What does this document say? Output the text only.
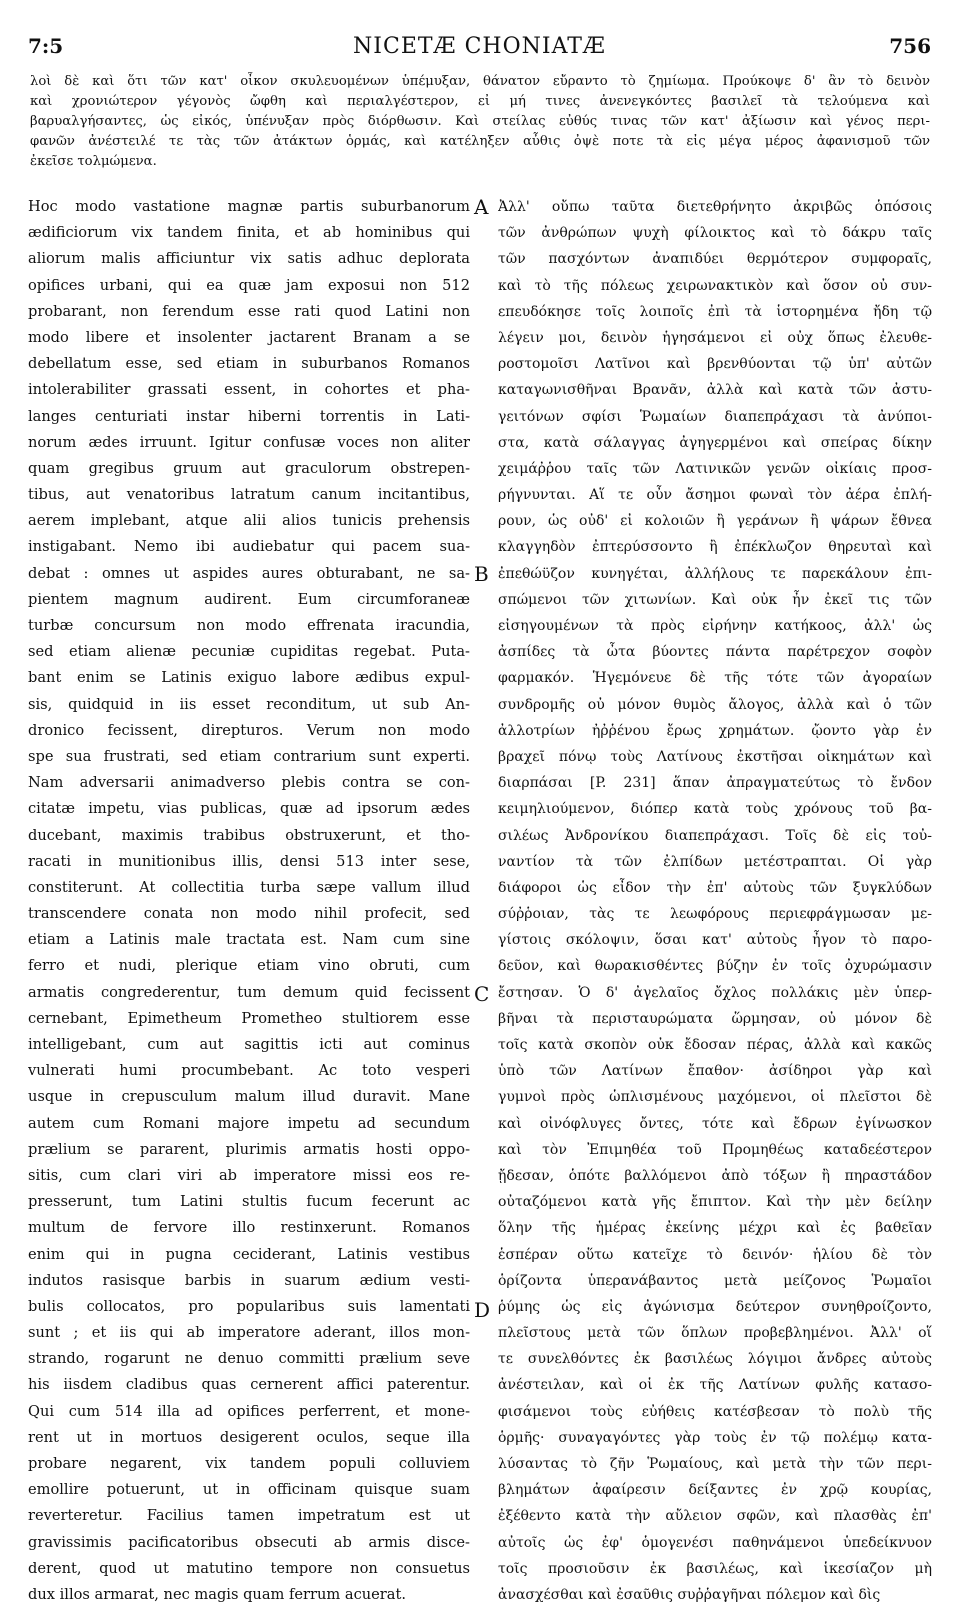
7:5	NICETÆ CHONIATÆ	756
λοὶ δὲ καὶ ὅτι τῶν κατ' οἶκον σκυλευομένων ὑπέμυξαν, θάνατον εὔραντο τὸ ζημίωμα. Προύκοψε δ' ἂν τὸ δεινὸν
καὶ χρονιώτερον γέγονὸς ὤφθη καὶ περιαλγέστερον, εἰ μή τινες ἀνενεγκόντες βασιλεῖ τὰ τελούμενα καὶ
βαρυαλγήσαντες, ὡς εἰκός, ὑπένυξαν πρὸς διόρθωσιν. Καὶ στείλας εὐθύς τινας τῶν κατ' ἀξίωσιν καὶ γένος περι-
φανῶν ἀνέστειλέ τε τὰς τῶν ἀτάκτων ὁρμάς, καὶ κατέληξεν αὖθις ὀψὲ ποτε τὰ εἰς μέγα μέρος ἀφανισμοῦ τῶν
ἐκεῖσε τολμώμενα.
Hoc modo vastatione magnæ partis suburbanorum
ædificiorum vix tandem finita, et ab hominibus qui
aliorum malis afficiuntur vix satis adhuc deplorata
opifices urbani, qui ea quæ jam exposui non 512
probarant, non ferendum esse rati quod Latini non
modo libere et insolenter jactarent Branam a se
debellatum esse, sed etiam in suburbanos Romanos
intolerabiliter grassati essent, in cohortes et pha-
langes centuriati instar hiberni torrentis in Lati-
norum ædes irruunt. Igitur confusæ voces non aliter
quam gregibus gruum aut graculorum obstrepen-
tibus, aut venatoribus latratum canum incitantibus,
aerem implebant, atque alii alios tunicis prehensis
instigabant. Nemo ibi audiebatur qui pacem sua-
debat : omnes ut aspides aures obturabant, ne sa-
pientem magnum audirent. Eum circumforaneæ
turbæ concursum non modo effrenata iracundia,
sed etiam alienæ pecuniæ cupiditas regebat. Puta-
bant enim se Latinis exiguo labore ædibus expul-
sis, quidquid in iis esset reconditum, ut sub An-
dronico fecissent, direpturos. Verum non modo
spe sua frustrati, sed etiam contrarium sunt experti.
Nam adversarii animadverso plebis contra se con-
citatæ impetu, vias publicas, quæ ad ipsorum ædes
ducebant, maximis trabibus obstruxerunt, et tho-
racati in munitionibus illis, densi 513 inter sese,
constiterunt. At collectitia turba sæpe vallum illud
transcendere conata non modo nihil profecit, sed
etiam a Latinis male tractata est. Nam cum sine
ferro et nudi, plerique etiam vino obruti, cum
armatis congrederentur, tum demum quid fecissent
cernebant, Epimetheum Prometheo stultiorem esse
intelligebant, cum aut sagittis icti aut cominus
vulnerati humi procumbebant. Ac toto vesperi
usque in crepusculum malum illud duravit. Mane
autem cum Romani majore impetu ad secundum
prælium se pararent, plurimis armatis hosti oppo-
sitis, cum clari viri ab imperatore missi eos re-
presserunt, tum Latini stultis fucum fecerunt ac
multum de fervore illo restinxerunt. Romanos
enim qui in pugna ceciderant, Latinis vestibus
indutos rasisque barbis in suarum ædium vesti-
bulis collocatos, pro popularibus suis lamentati
sunt ; et iis qui ab imperatore aderant, illos mon-
strando, rogarunt ne denuo committi prælium seve
his iisdem cladibus quas cernerent affici paterentur.
Qui cum 514 illa ad opifices perferrent, et mone-
rent ut in mortuos desigerent oculos, seque illa
probare negarent, vix tandem populi colluviem
emollire potuerunt, ut in officinam quisque suam
reverteretur. Facilius tamen impetratum est ut
gravissimis pacificatoribus obsecuti ab armis disce-
derent, quod ut matutino tempore non consuetus
dux illos armarat, nec magis quam ferrum acuerat.
Ἀλλ' οὔπω ταῦτα διετεθρήνητο ἀκριβῶς ὁπόσοις
τῶν ἀνθρώπων ψυχὴ φίλοικτος καὶ τὸ δάκρυ ταῖς
τῶν πασχόντων ἀναπιδύει θερμότερον συμφοραῖς,
καὶ τὸ τῆς πόλεως χειρωνακτικὸν καὶ ὅσον οὐ συν-
επευδόκησε τοῖς λοιποῖς ἐπὶ τὰ ἱστορημένα ἤδη τῷ
λέγειν μοι, δεινὸν ἡγησάμενοι εἰ οὐχ ὅπως ἐλευθε-
ροστομοῖσι Λατῖνοι καὶ βρενθύονται τῷ ὑπ' αὐτῶν
καταγωνισθῆναι Βρανᾶν, ἀλλὰ καὶ κατὰ τῶν ἀστυ-
γειτόνων σφίσι Ῥωμαίων διαπεπράχασι τὰ ἀνύποι-
στα, κατὰ σάλαγγας ἀγηγερμένοι καὶ σπείρας δίκην
χειμάῤῥου ταῖς τῶν Λατινικῶν γενῶν οἰκίαις προσ-
ρήγνυνται. Αἵ τε οὖν ἄσημοι φωναὶ τὸν ἀέρα ἐπλή-
ρουν, ὡς οὐδ' εἰ κολοιῶν ἢ γεράνων ἢ ψάρων ἔθνεα
κλαγγηδὸν ἐπτερύσσοντο ἢ ἐπέκλωζον θηρευταὶ καὶ
ἐπεθώϋζον κυνηγέται, ἀλλήλους τε παρεκάλουν ἐπι-
σπώμενοι τῶν χιτωνίων. Καὶ οὐκ ἦν ἐκεῖ τις τῶν
εἰσηγουμένων τὰ πρὸς εἰρήνην κατήκοος, ἀλλ' ὡς
ἀσπίδες τὰ ὦτα βύοντες πάντα παρέτρεχον σοφὸν
φαρμακόν. Ἡγεμόνευε δὲ τῆς τότε τῶν ἀγοραίων
συνδρομῆς οὐ μόνον θυμὸς ἄλογος, ἀλλὰ καὶ ὁ τῶν
ἀλλοτρίων ἠῤῥένου ἔρως χρημάτων. ᾤοντο γὰρ ἐν
βραχεῖ πόνῳ τοὺς Λατίνους ἐκστῆσαι οἰκημάτων καὶ
διαρπάσαι [P. 231] ἅπαν ἀπραγματεύτως τὸ ἔνδον
κειμηλιούμενον, διόπερ κατὰ τοὺς χρόνους τοῦ βα-
σιλέως Ἀνδρονίκου διαπεπράχασι. Τοῖς δὲ εἰς τοὐ-
ναντίον τὰ τῶν ἐλπίδων μετέστραπται. Οἱ γὰρ
διάφοροι ὡς εἶδον τὴν ἐπ' αὐτοὺς τῶν ξυγκλύδων
σύῤῥοιαν, τὰς τε λεωφόρους περιεφράγμωσαν με-
γίστοις σκόλοψιν, ὅσαι κατ' αὐτοὺς ἦγον τὸ παρο-
δεῦον, καὶ θωρακισθέντες βύζην ἐν τοῖς ὀχυρώμασιν
ἔστησαν. Ὁ δ' ἀγελαῖος ὄχλος πολλάκις μὲν ὑπερ-
βῆναι τὰ περισταυρώματα ὥρμησαν, οὐ μόνον δὲ
τοῖς κατὰ σκοπὸν οὐκ ἔδοσαν πέρας, ἀλλὰ καὶ κακῶς
ὑπὸ τῶν Λατίνων ἔπαθον· ἀσίδηροι γὰρ καὶ
γυμνοὶ πρὸς ὡπλισμένους μαχόμενοι, οἱ πλεῖστοι δὲ
καὶ οἰνόφλυγες ὄντες, τότε καὶ ἔδρων ἐγίνωσκον
καὶ τὸν Ἐπιμηθέα τοῦ Προμηθέως καταδεέστερον
ᾔδεσαν, ὁπότε βαλλόμενοι ἀπὸ τόξων ἢ πηραστάδον
οὐταζόμενοι κατὰ γῆς ἔπιπτον. Καὶ τὴν μὲν δείλην
ὅλην τῆς ἡμέρας ἐκείνης μέχρι καὶ ἐς βαθεῖαν
ἑσπέραν οὕτω κατεῖχε τὸ δεινόν· ἡλίου δὲ τὸν
ὁρίζοντα ὑπερανάβαντος μετὰ μείζονος Ῥωμαῖοι
ῥύμης ὡς εἰς ἀγώνισμα δεύτερον συνηθροίζοντο,
πλεῖστους μετὰ τῶν ὅπλων προβεβλημένοι. Ἀλλ' οἵ
τε συνελθόντες ἐκ βασιλέως λόγιμοι ἄνδρες αὐτοὺς
ἀνέστειλαν, καὶ οἱ ἐκ τῆς Λατίνων φυλῆς κατασο-
φισάμενοι τοὺς εὐήθεις κατέσβεσαν τὸ πολὺ τῆς
ὁρμῆς· συναγαγόντες γὰρ τοὺς ἐν τῷ πολέμῳ κατα-
λύσαντας τὸ ζῆν Ῥωμαίους, καὶ μετὰ τὴν τῶν περι-
βλημάτων ἀφαίρεσιν δείξαντες ἐν χρῷ κουρίας,
ἐξέθεντο κατὰ τὴν αὔλειον σφῶν, καὶ πλασθὰς ἐπ'
αὐτοῖς ὡς ἐφ' ὁμογενέσι παθηνάμενοι ὑπεδείκνυον
τοῖς προσιοῦσιν ἐκ βασιλέως, καὶ ἱκεσίαζον μὴ
ἀνασχέσθαι καὶ ἐσαῦθις συῤῥαγῆναι πόλεμον καὶ δὶς
A
B
C
D
